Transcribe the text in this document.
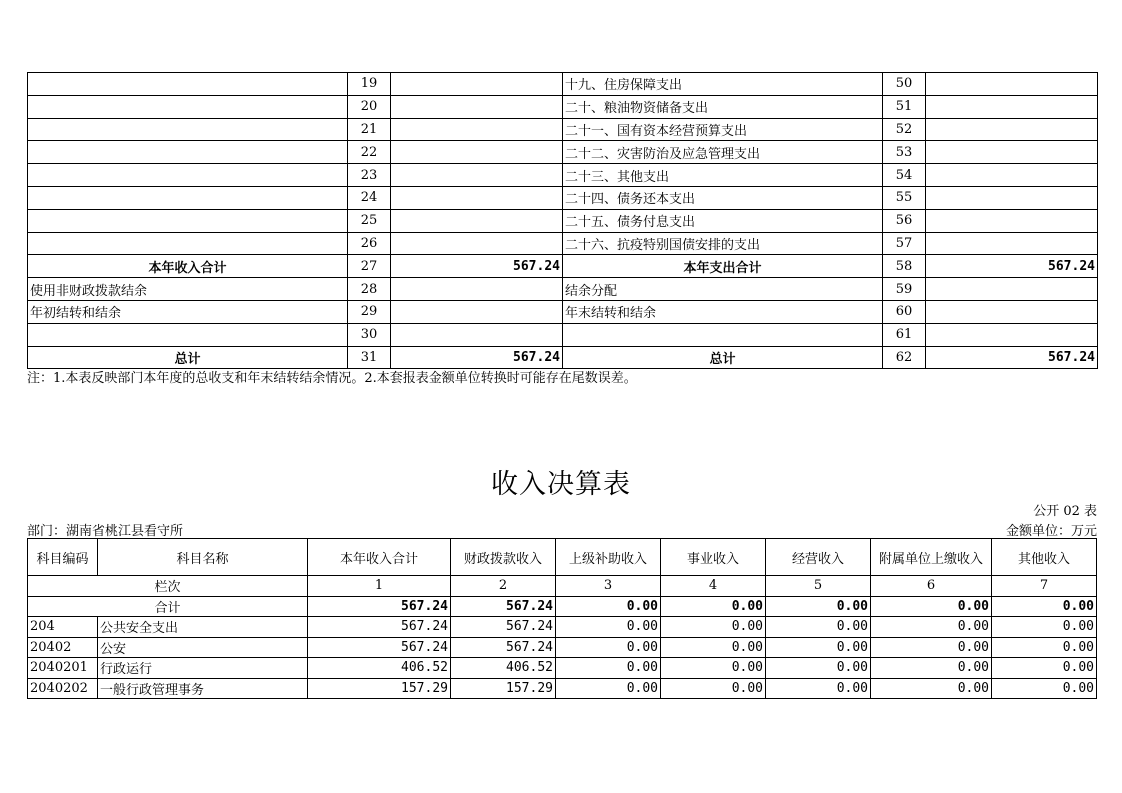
	19		十九、住房保障支出	50	
	20		二十、粮油物资储备支出	51	
	21		二十一、国有资本经营预算支出	52	
	22		二十二、灾害防治及应急管理支出	53	
	23		二十三、其他支出	54	
	24		二十四、债务还本支出	55	
	25		二十五、债务付息支出	56	
	26		二十六、抗疫特别国债安排的支出	57	
本年收入合计	27	567.24	本年支出合计	58	567.24
使用非财政拨款结余	28		结余分配	59	
年初结转和结余	29		年末结转和结余	60	
	30			61	
总计	31	567.24	总计	62	567.24
注：1.本表反映部门本年度的总收支和年末结转结余情况。2.本套报表金额单位转换时可能存在尾数误差。
收入决算表
公开 02 表
部门：湖南省桃江县看守所	金额单位：万元
科目编码	科目名称	本年收入合计	财政拨款收入	上级补助收入	事业收入	经营收入	附属单位上缴收入	其他收入
栏次		1	2	3	4	5	6	7
合计		567.24	567.24	0.00	0.00	0.00	0.00	0.00
204	公共安全支出	567.24	567.24	0.00	0.00	0.00	0.00	0.00
20402	公安	567.24	567.24	0.00	0.00	0.00	0.00	0.00
2040201	行政运行	406.52	406.52	0.00	0.00	0.00	0.00	0.00
2040202	一般行政管理事务	157.29	157.29	0.00	0.00	0.00	0.00	0.00
